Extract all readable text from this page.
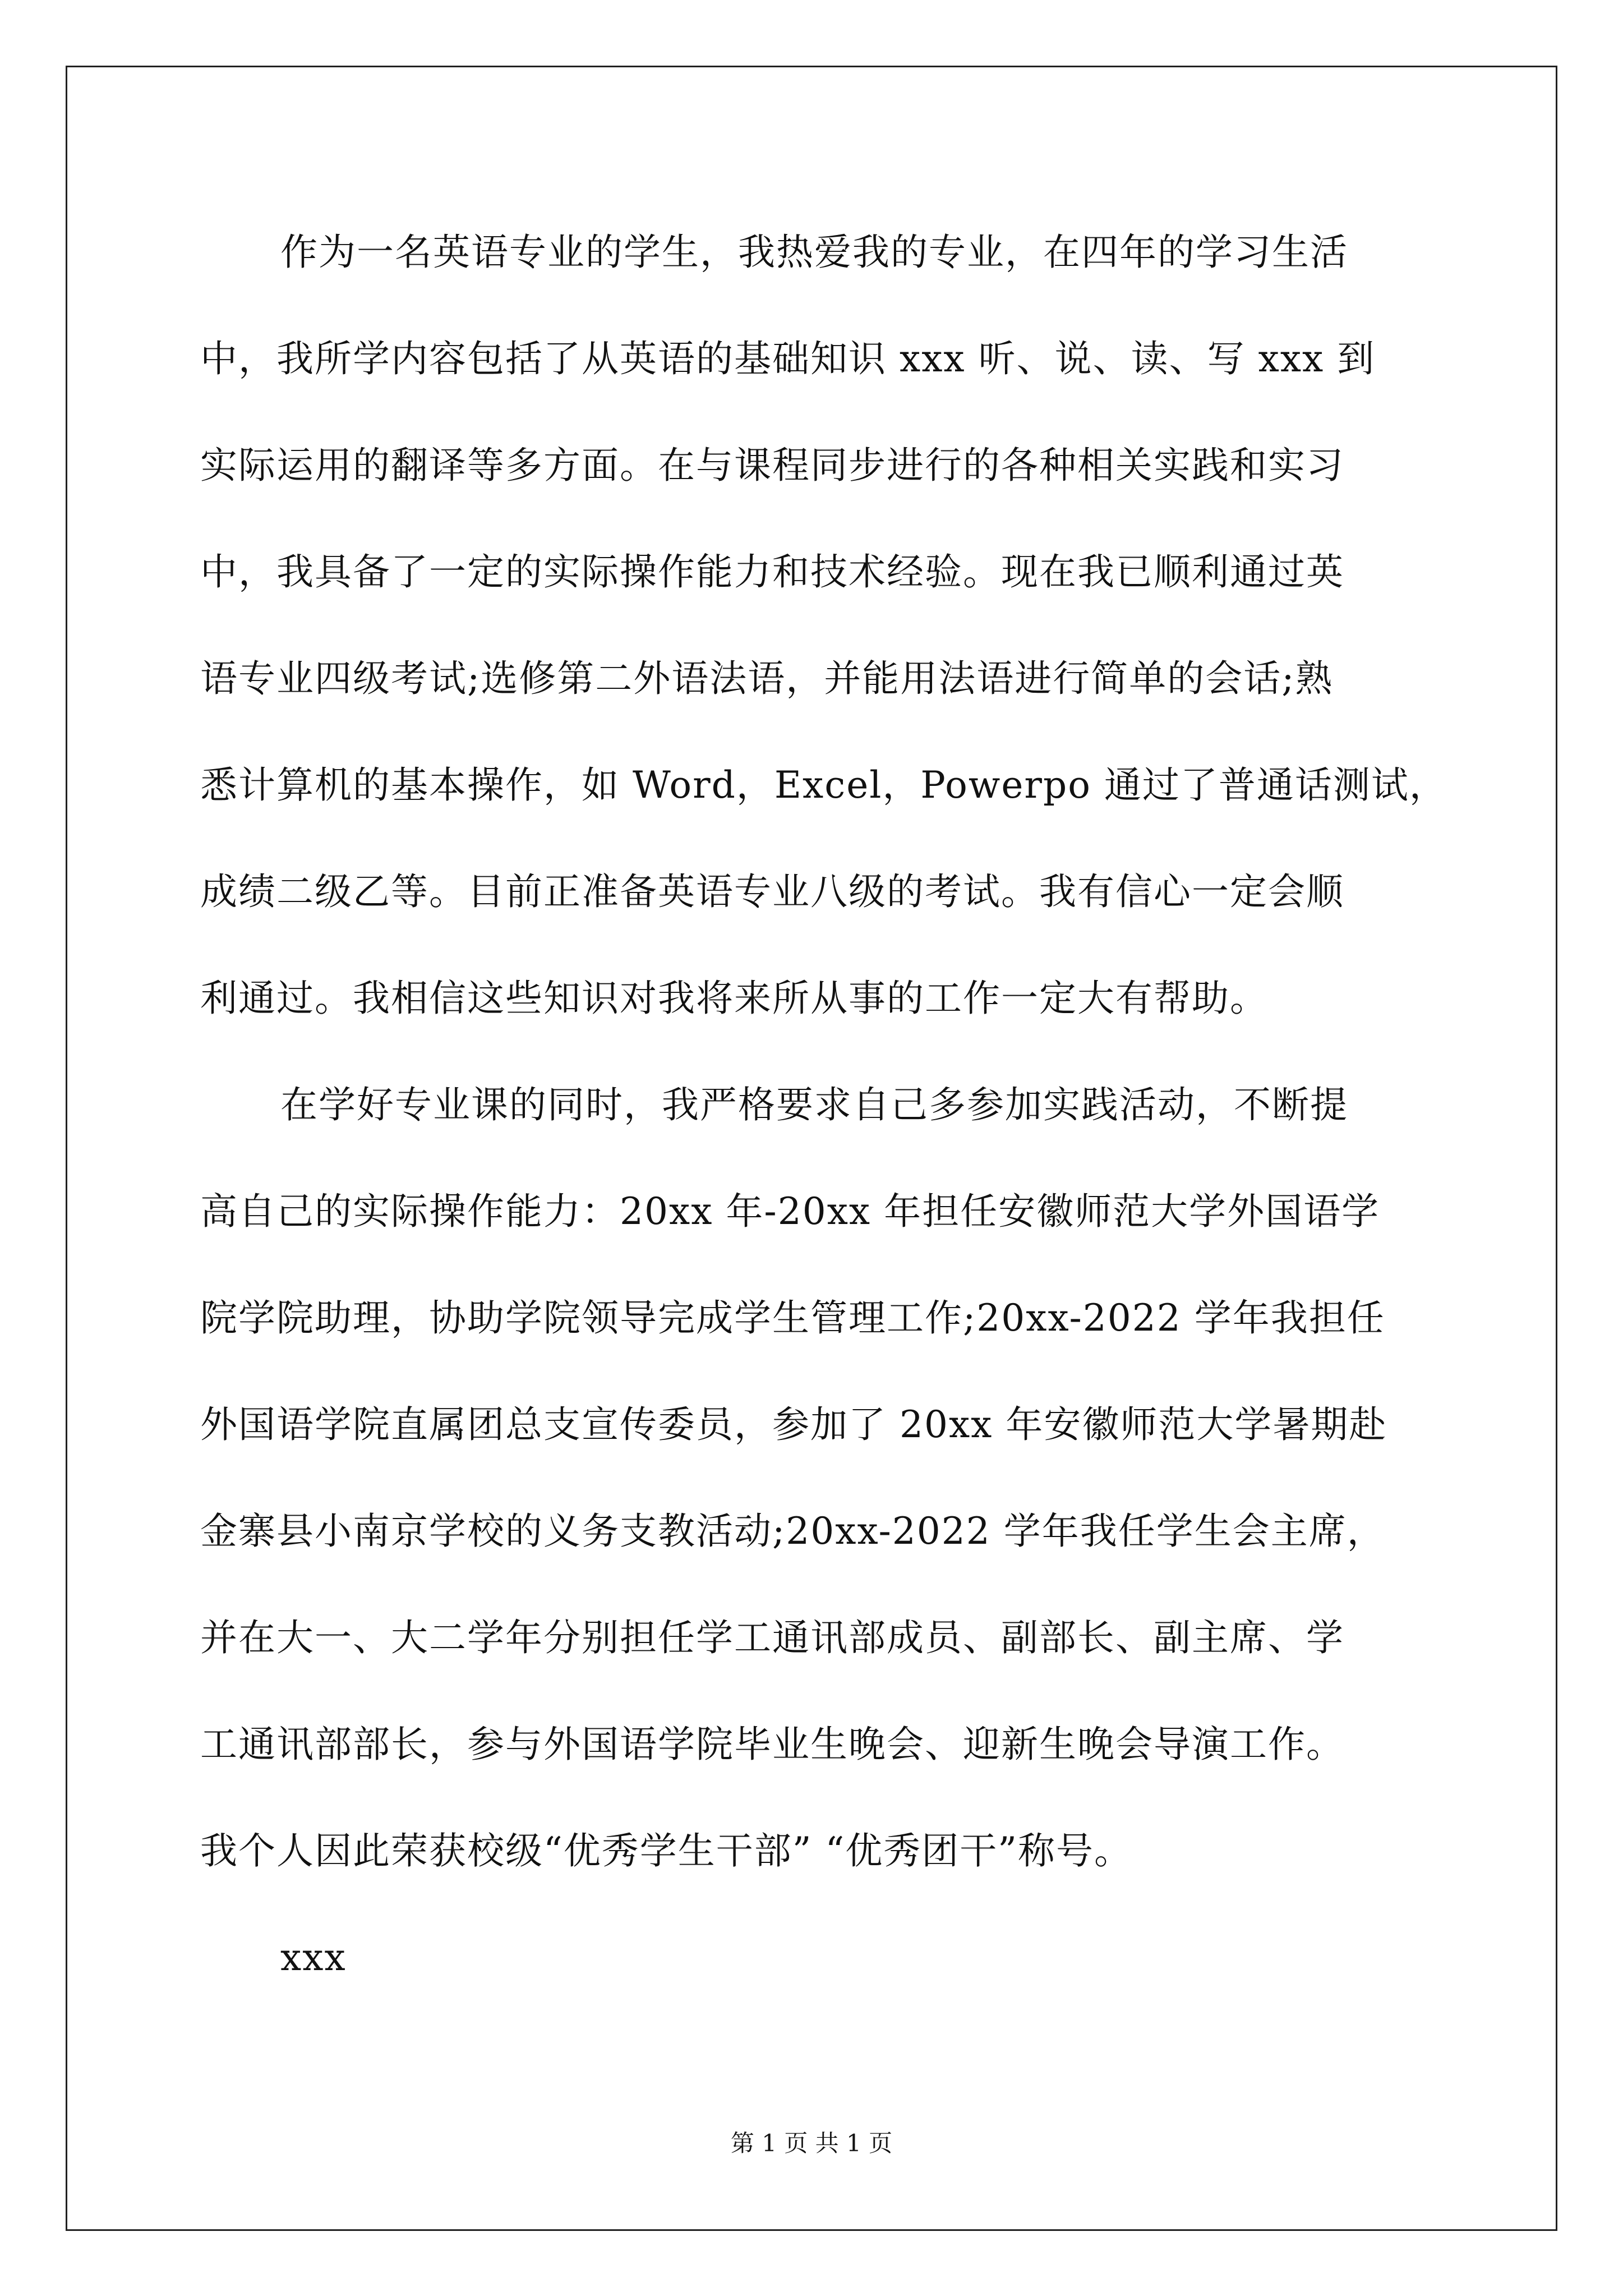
作为一名英语专业的学生，我热爱我的专业，在四年的学习生活
中，我所学内容包括了从英语的基础知识 xxx 听、说、读、写 xxx 到
实际运用的翻译等多方面。在与课程同步进行的各种相关实践和实习
中，我具备了一定的实际操作能力和技术经验。现在我已顺利通过英
语专业四级考试;选修第二外语法语，并能用法语进行简单的会话;熟
悉计算机的基本操作，如 Word，Excel，Powerpo 通过了普通话测试，
成绩二级乙等。目前正准备英语专业八级的考试。我有信心一定会顺
利通过。我相信这些知识对我将来所从事的工作一定大有帮助。
在学好专业课的同时，我严格要求自己多参加实践活动，不断提
高自己的实际操作能力：20xx 年-20xx 年担任安徽师范大学外国语学
院学院助理，协助学院领导完成学生管理工作;20xx-2022 学年我担任
外国语学院直属团总支宣传委员，参加了 20xx 年安徽师范大学暑期赴
金寨县小南京学校的义务支教活动;20xx-2022 学年我任学生会主席，
并在大一、大二学年分别担任学工通讯部成员、副部长、副主席、学
工通讯部部长，参与外国语学院毕业生晚会、迎新生晚会导演工作。
我个人因此荣获校级“优秀学生干部” “优秀团干”称号。
xxx
第 1 页 共 1 页
